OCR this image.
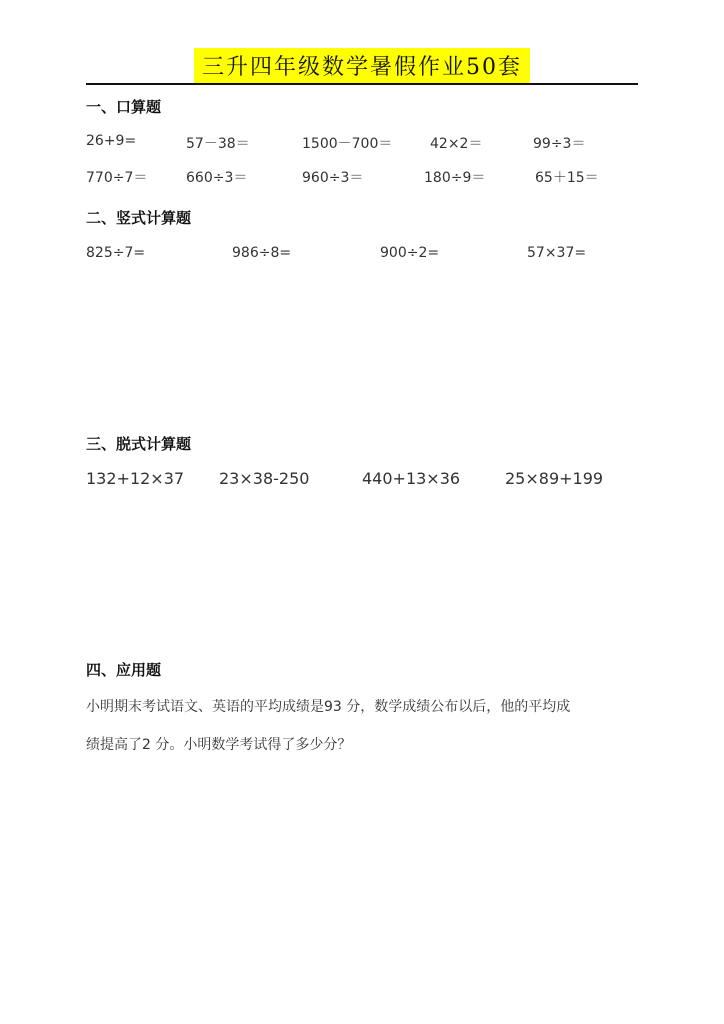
三升四年级数学暑假作业50套
一、口算题
26+9=	57－38＝	1500－700＝	42×2＝	99÷3＝
770÷7＝	660÷3＝	960÷3＝	180÷9＝	65＋15＝
二、竖式计算题
825÷7=	986÷8=	900÷2=	57×37=
三、脱式计算题
132+12×37 23×38-250	440+13×36	25×89+199
四、应用题
小明期末考试语文、英语的平均成绩是93 分，数学成绩公布以后，他的平均成
绩提高了2 分。小明数学考试得了多少分？
